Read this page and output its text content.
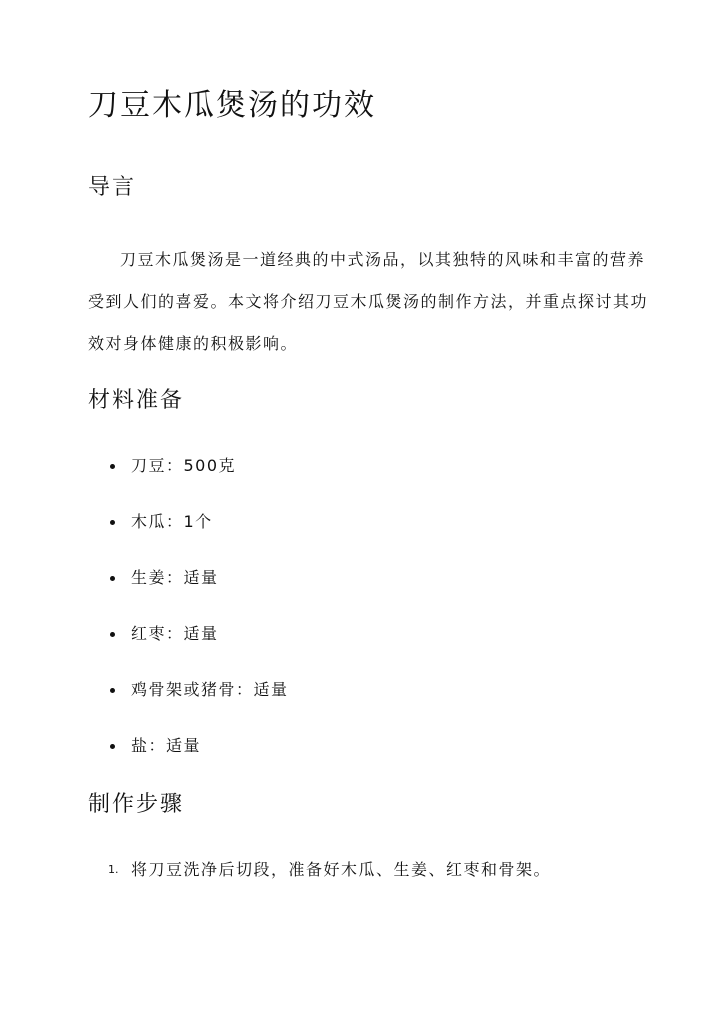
刀豆木瓜煲汤的功效
导言

刀豆木瓜煲汤是一道经典的中式汤品，以其独特的风味和丰富的营养受到人们的喜爱。本文将介绍刀豆木瓜煲汤的制作方法，并重点探讨其功效对身体健康的积极影响。

材料准备
刀豆：500克
木瓜：1个
生姜：适量
红枣：适量
鸡骨架或猪骨：适量
盐：适量
制作步骤
1. 将刀豆洗净后切段，准备好木瓜、生姜、红枣和骨架。
